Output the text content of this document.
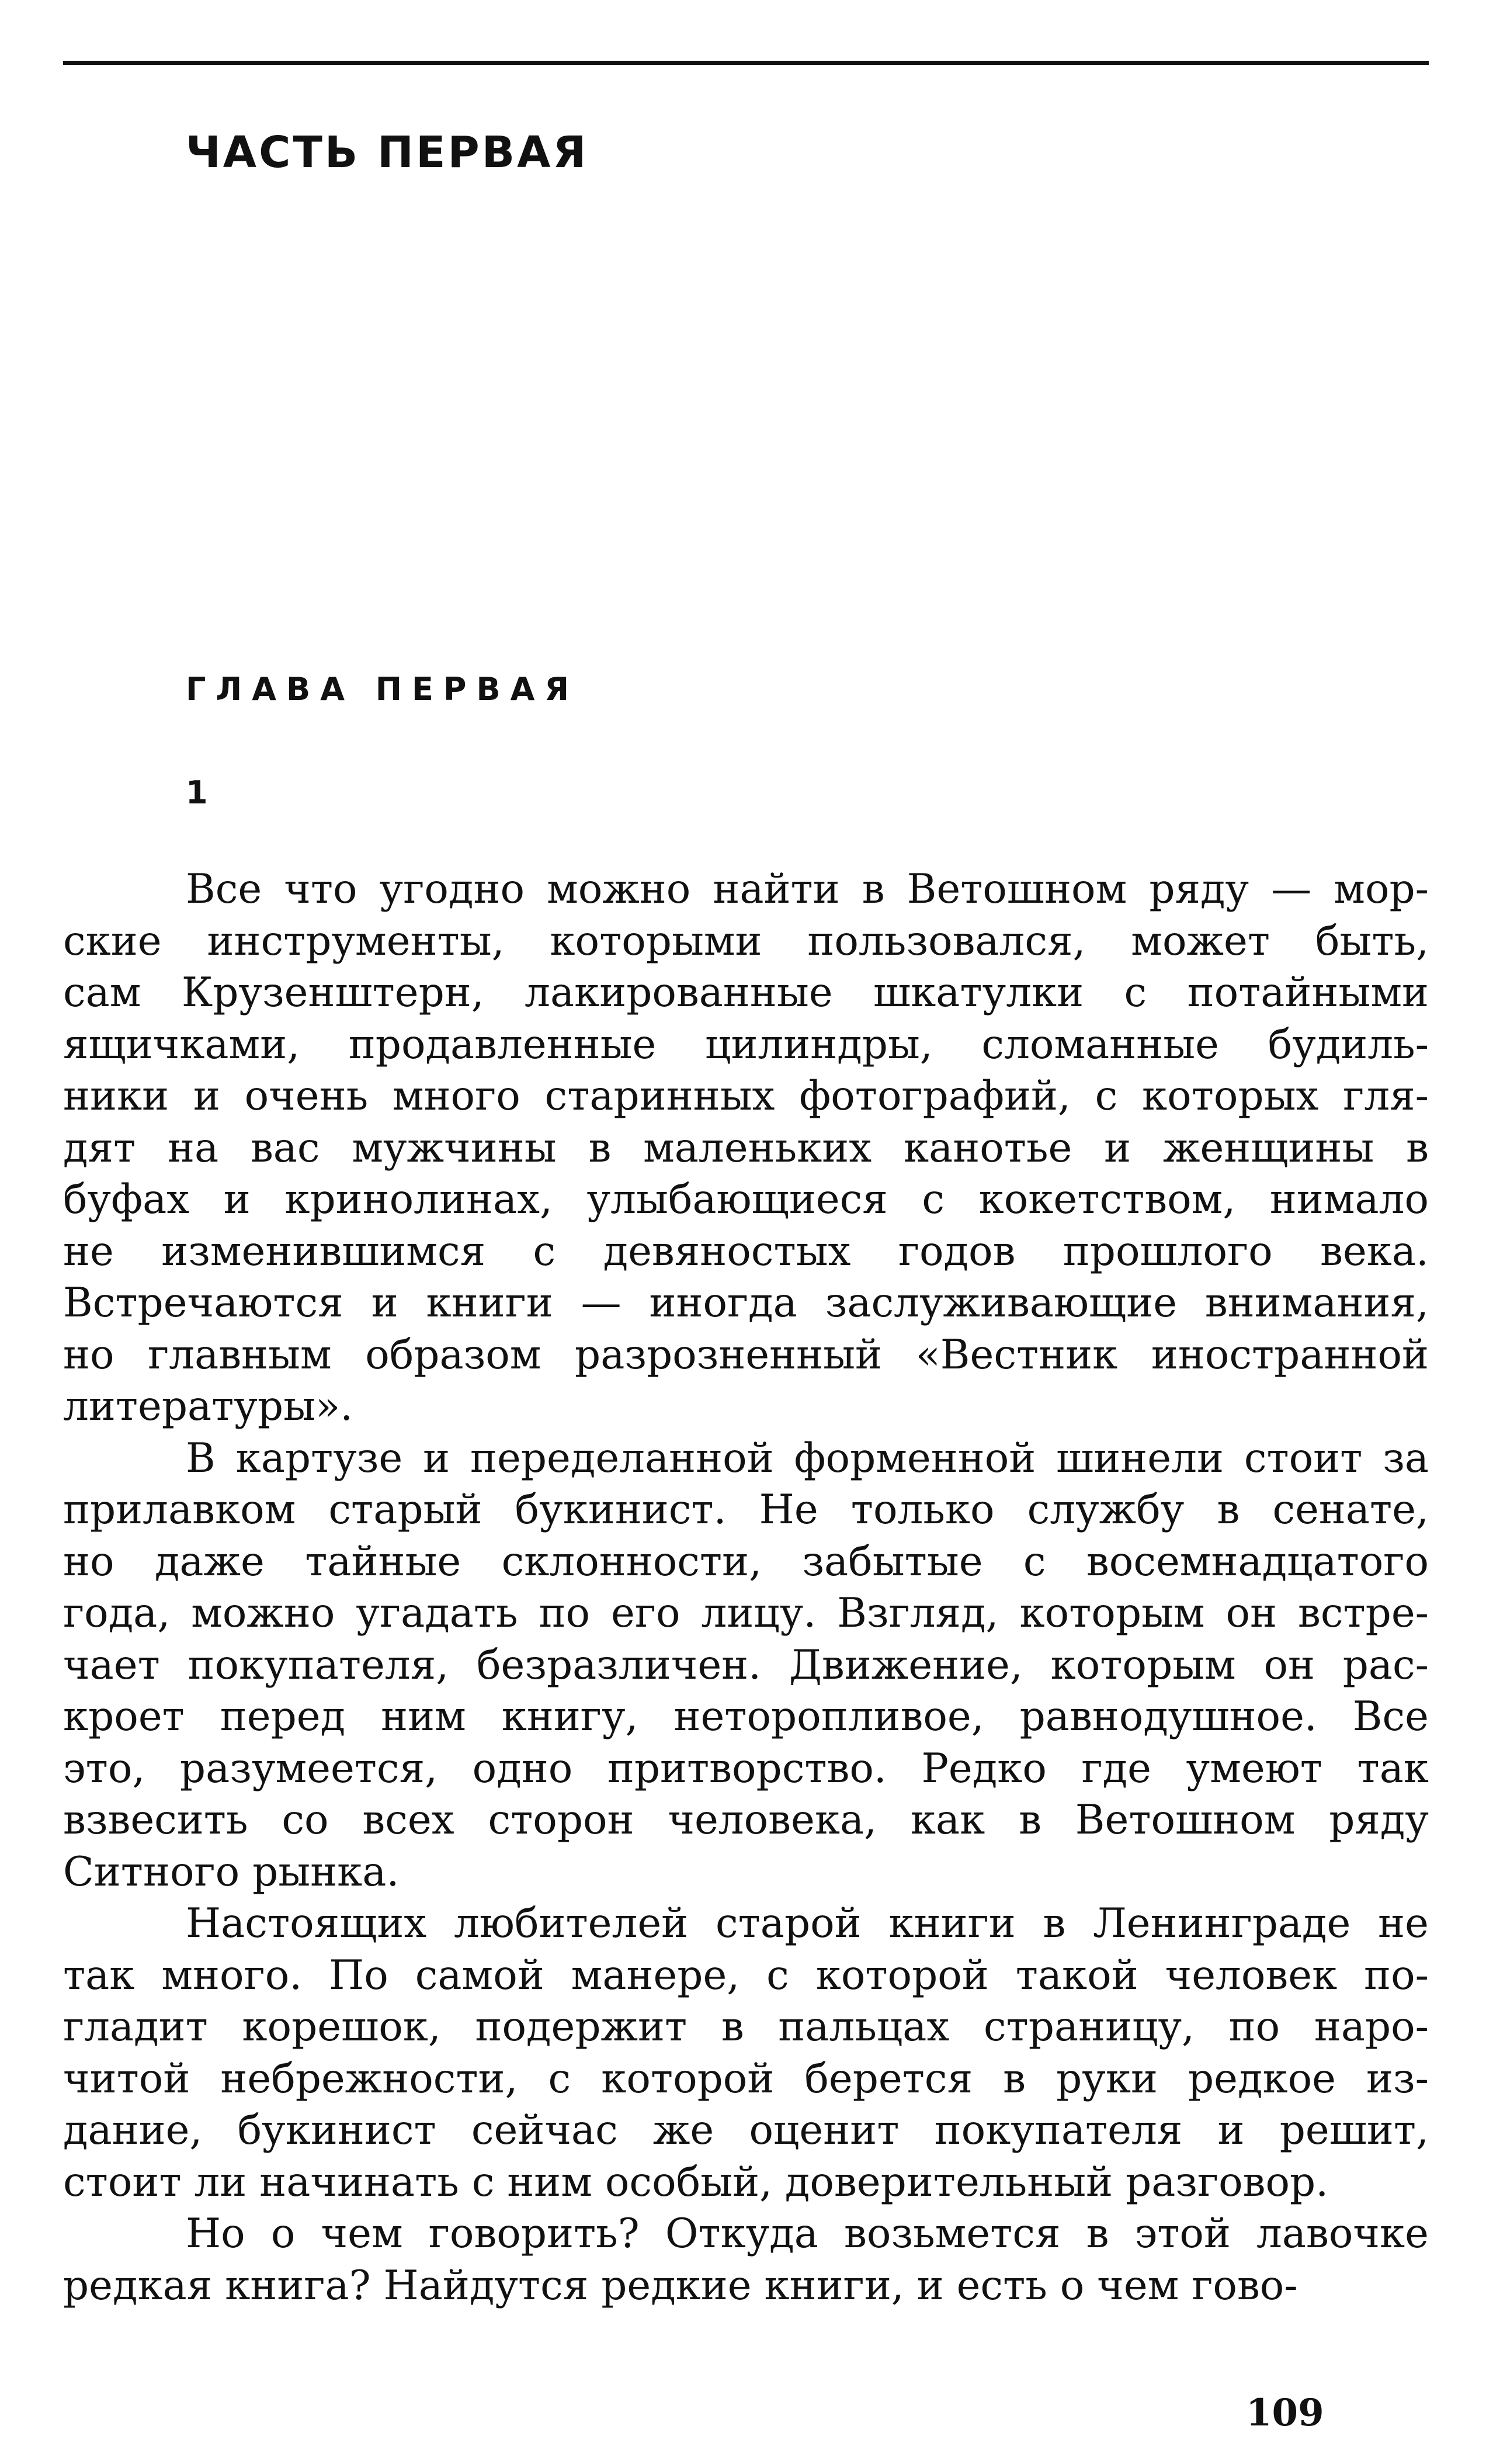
ЧАСТЬ ПЕРВАЯ
ГЛАВА ПЕРВАЯ
1
Все что угодно можно найти в Ветошном ряду — мор-
ские инструменты, которыми пользовался, может быть,
сам Крузенштерн, лакированные шкатулки с потайными
ящичками, продавленные цилиндры, сломанные будиль-
ники и очень много старинных фотографий, с которых гля-
дят на вас мужчины в маленьких канотье и женщины в
буфах и кринолинах, улыбающиеся с кокетством, нимало
не изменившимся с девяностых годов прошлого века.
Встречаются и книги — иногда заслуживающие внимания,
но главным образом разрозненный «Вестник иностранной
литературы».
В картузе и переделанной форменной шинели стоит за
прилавком старый букинист. Не только службу в сенате,
но даже тайные склонности, забытые с восемнадцатого
года, можно угадать по его лицу. Взгляд, которым он встре-
чает покупателя, безразличен. Движение, которым он рас-
кроет перед ним книгу, неторопливое, равнодушное. Все
это, разумеется, одно притворство. Редко где умеют так
взвесить со всех сторон человека, как в Ветошном ряду
Ситного рынка.
Настоящих любителей старой книги в Ленинграде не
так много. По самой манере, с которой такой человек по-
гладит корешок, подержит в пальцах страницу, по наро-
читой небрежности, с которой берется в руки редкое из-
дание, букинист сейчас же оценит покупателя и решит,
стоит ли начинать с ним особый, доверительный разговор.
Но о чем говорить? Откуда возьмется в этой лавочке
редкая книга? Найдутся редкие книги, и есть о чем гово-
109
